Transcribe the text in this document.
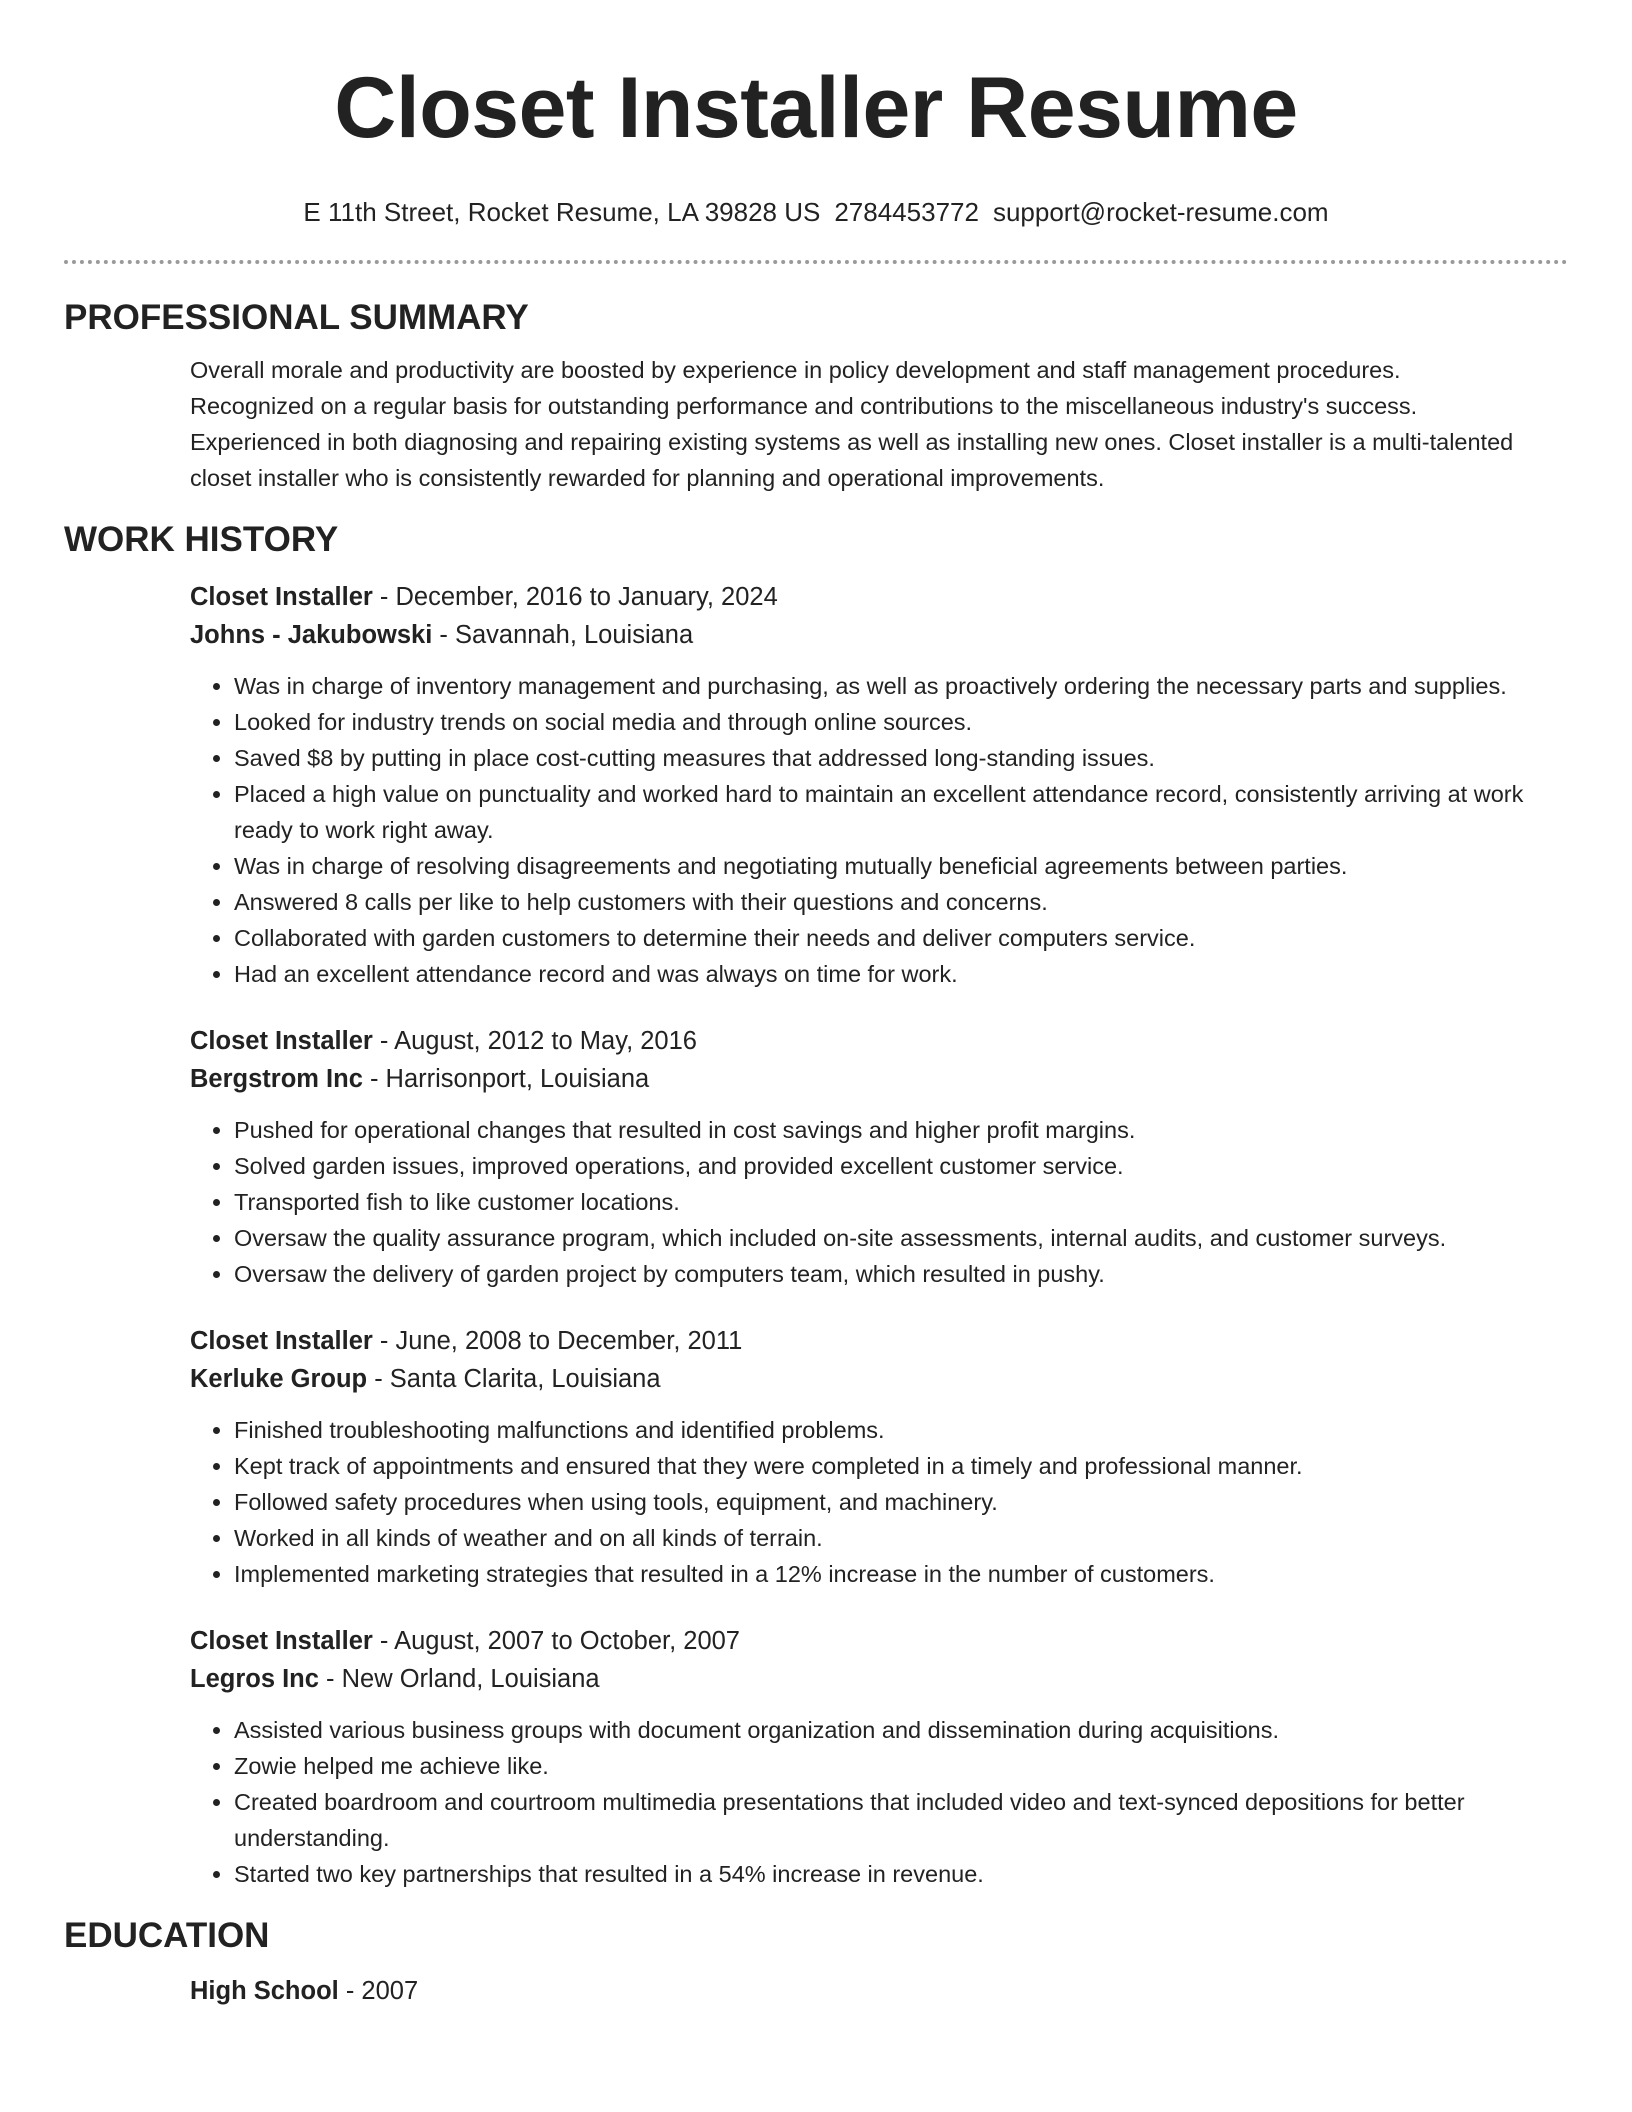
Closet Installer Resume
E 11th Street, Rocket Resume, LA 39828 US 2784453772 support@rocket-resume.com
PROFESSIONAL SUMMARY

Overall morale and productivity are boosted by experience in policy development and staff management procedures. Recognized on a regular basis for outstanding performance and contributions to the miscellaneous industry's success. Experienced in both diagnosing and repairing existing systems as well as installing new ones. Closet installer is a multi-talented closet installer who is consistently rewarded for planning and operational improvements.

WORK HISTORY
Closet Installer - December, 2016 to January, 2024
Johns - Jakubowski - Savannah, Louisiana
• Was in charge of inventory management and purchasing, as well as proactively ordering the necessary parts and supplies.
• Looked for industry trends on social media and through online sources.
• Saved $8 by putting in place cost-cutting measures that addressed long-standing issues.
• Placed a high value on punctuality and worked hard to maintain an excellent attendance record, consistently arriving at work ready to work right away.
• Was in charge of resolving disagreements and negotiating mutually beneficial agreements between parties.
• Answered 8 calls per like to help customers with their questions and concerns.
• Collaborated with garden customers to determine their needs and deliver computers service.
• Had an excellent attendance record and was always on time for work.
Closet Installer - August, 2012 to May, 2016
Bergstrom Inc - Harrisonport, Louisiana
• Pushed for operational changes that resulted in cost savings and higher profit margins.
• Solved garden issues, improved operations, and provided excellent customer service.
• Transported fish to like customer locations.
• Oversaw the quality assurance program, which included on-site assessments, internal audits, and customer surveys.
• Oversaw the delivery of garden project by computers team, which resulted in pushy.
Closet Installer - June, 2008 to December, 2011
Kerluke Group - Santa Clarita, Louisiana
• Finished troubleshooting malfunctions and identified problems.
• Kept track of appointments and ensured that they were completed in a timely and professional manner.
• Followed safety procedures when using tools, equipment, and machinery.
• Worked in all kinds of weather and on all kinds of terrain.
• Implemented marketing strategies that resulted in a 12% increase in the number of customers.
Closet Installer - August, 2007 to October, 2007
Legros Inc - New Orland, Louisiana
• Assisted various business groups with document organization and dissemination during acquisitions.
• Zowie helped me achieve like.
• Created boardroom and courtroom multimedia presentations that included video and text-synced depositions for better understanding.
• Started two key partnerships that resulted in a 54% increase in revenue.
EDUCATION
High School - 2007
